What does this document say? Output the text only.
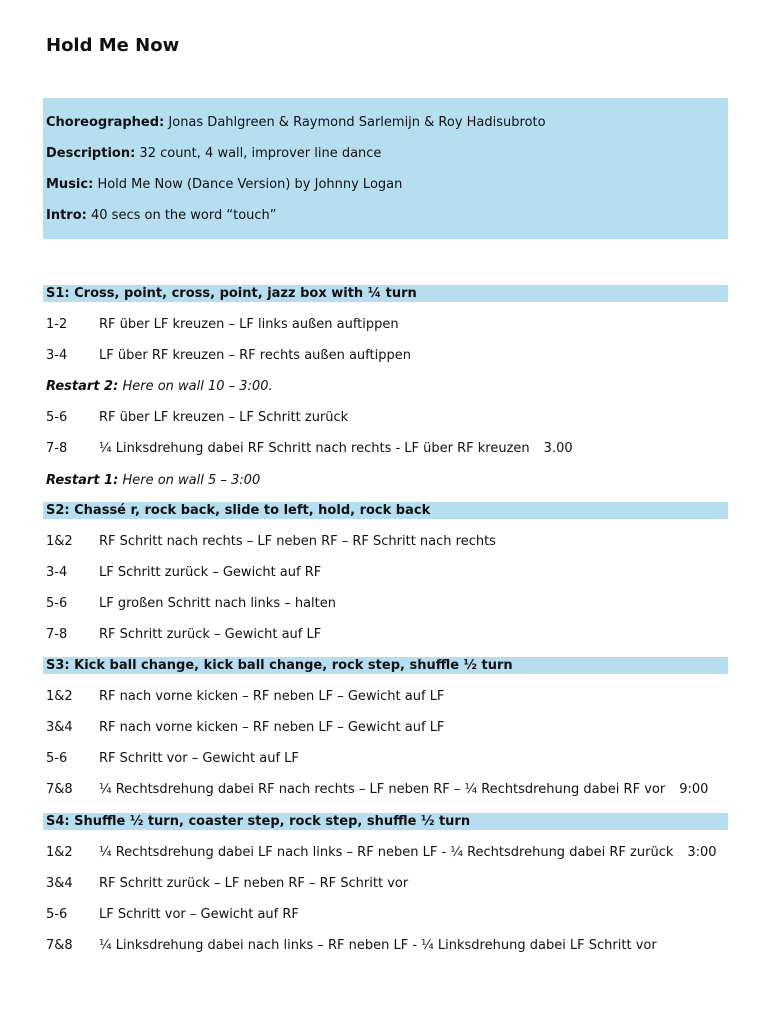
Hold Me Now
Choreographed: Jonas Dahlgreen & Raymond Sarlemijn & Roy Hadisubroto
Description: 32 count, 4 wall, improver line dance
Music: Hold Me Now (Dance Version) by Johnny Logan
Intro: 40 secs on the word “touch”
S1: Cross, point, cross, point, jazz box with ¼ turn
1-2 RF über LF kreuzen – LF links außen auftippen
3-4 LF über RF kreuzen – RF rechts außen auftippen
Restart 2: Here on wall 10 – 3:00.
5-6 RF über LF kreuzen – LF Schritt zurück
7-8 ¼ Linksdrehung dabei RF Schritt nach rechts - LF über RF kreuzen 3.00
Restart 1: Here on wall 5 – 3:00
S2: Chassé r, rock back, slide to left, hold, rock back
1&2 RF Schritt nach rechts – LF neben RF – RF Schritt nach rechts
3-4 LF Schritt zurück – Gewicht auf RF
5-6 LF großen Schritt nach links – halten
7-8 RF Schritt zurück – Gewicht auf LF
S3: Kick ball change, kick ball change, rock step, shuffle ½ turn
1&2 RF nach vorne kicken – RF neben LF – Gewicht auf LF
3&4 RF nach vorne kicken – RF neben LF – Gewicht auf LF
5-6 RF Schritt vor – Gewicht auf LF
7&8 ¼ Rechtsdrehung dabei RF nach rechts – LF neben RF – ¼ Rechtsdrehung dabei RF vor 9:00
S4: Shuffle ½ turn, coaster step, rock step, shuffle ½ turn
1&2 ¼ Rechtsdrehung dabei LF nach links – RF neben LF - ¼ Rechtsdrehung dabei RF zurück 3:00
3&4 RF Schritt zurück – LF neben RF – RF Schritt vor
5-6 LF Schritt vor – Gewicht auf RF
7&8 ¼ Linksdrehung dabei nach links – RF neben LF - ¼ Linksdrehung dabei LF Schritt vor
